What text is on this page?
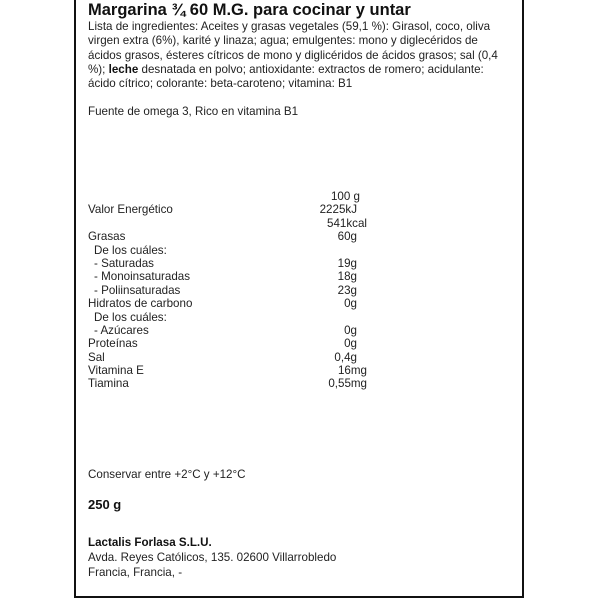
Margarina ¾ 60 M.G. para cocinar y untar
Lista de ingredientes: Aceites y grasas vegetales (59,1 %): Girasol, coco, oliva virgen extra (6%), karité y linaza; agua; emulgentes: mono y diglecéridos de ácidos grasos, ésteres cítricos de mono y diglicéridos de ácidos grasos; sal (0,4 %); leche desnatada en polvo; antioxidante: extractos de romero; acidulante: ácido cítrico; colorante: beta-caroteno; vitamina: B1
Fuente de omega 3, Rico en vitamina B1
100 g
Valor Energético	2225kJ
541kcal
Grasas	60g
De los cuáles:
- Saturadas	19g
- Monoinsaturadas	18g
- Poliinsaturadas	23g
Hidratos de carbono	0g
De los cuáles:
- Azúcares	0g
Proteínas	0g
Sal	0,4g
Vitamina E	16mg
Tiamina	0,55mg
Conservar entre +2°C y +12°C
250 g
Lactalis Forlasa S.L.U.
Avda. Reyes Católicos, 135. 02600 Villarrobledo
Francia, Francia, -
